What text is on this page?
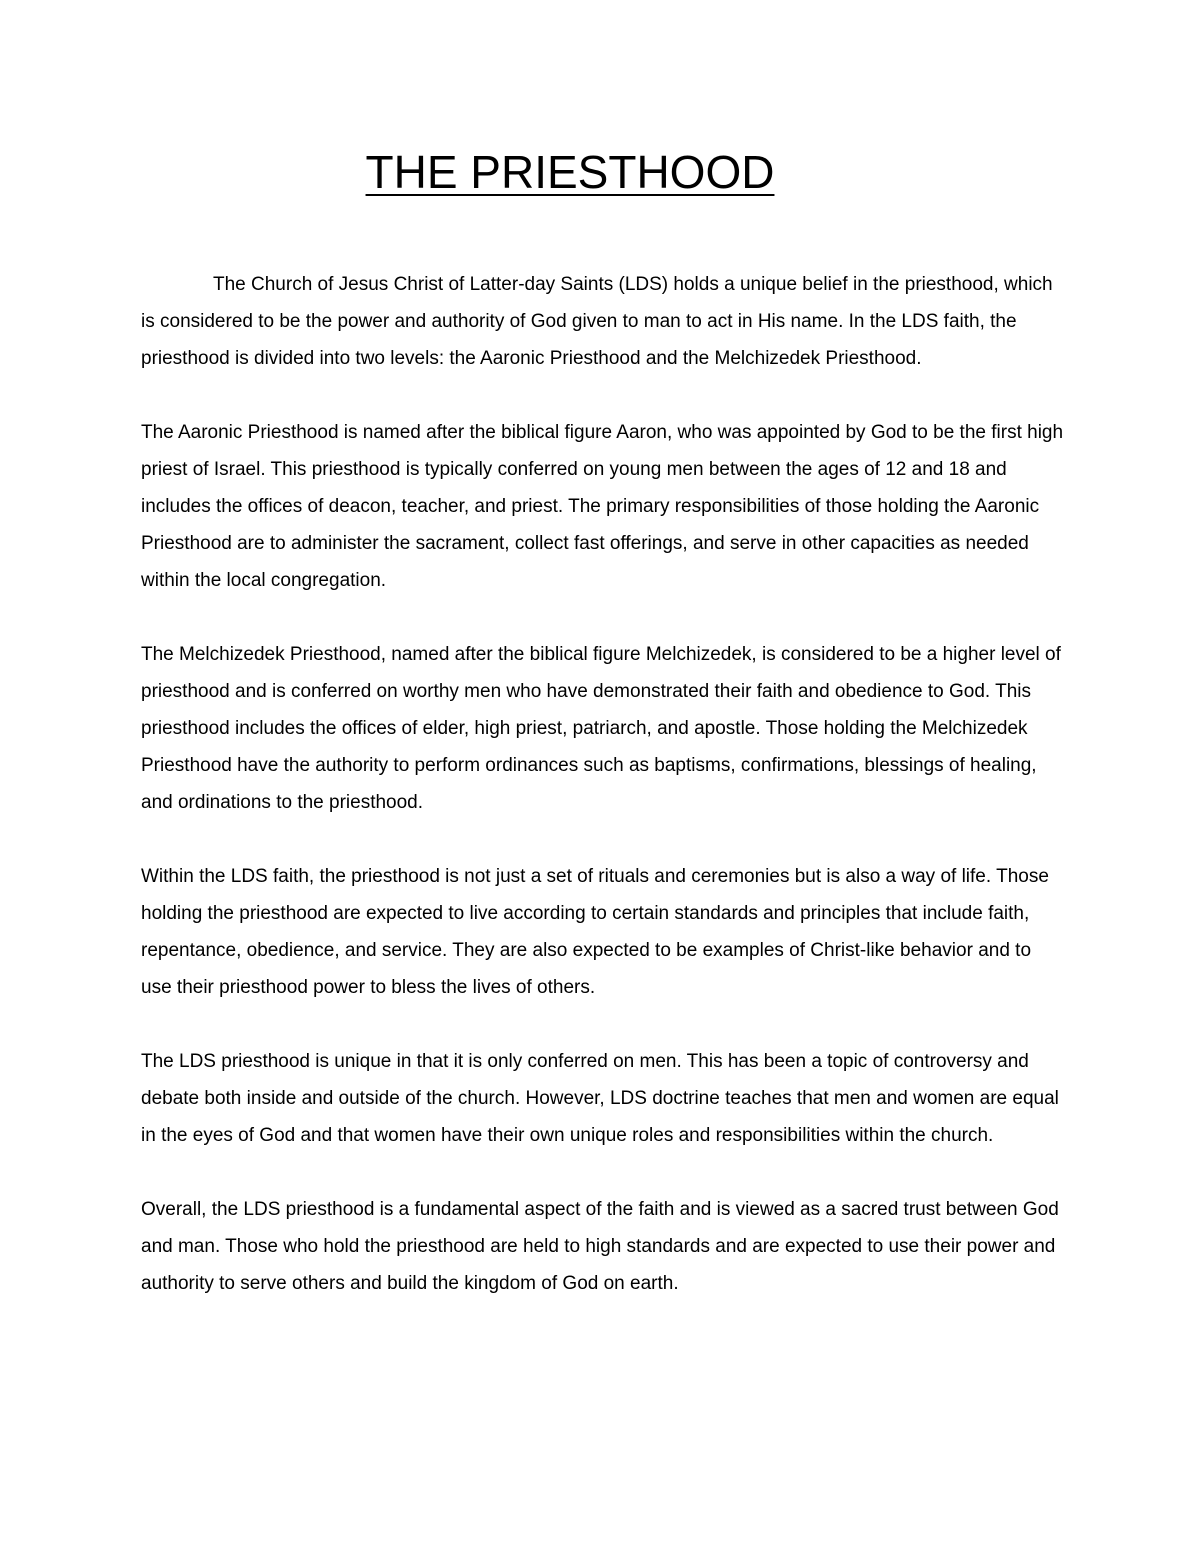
THE PRIESTHOOD

The Church of Jesus Christ of Latter-day Saints (LDS) holds a unique belief in the priesthood, which is considered to be the power and authority of God given to man to act in His name. In the LDS faith, the priesthood is divided into two levels: the Aaronic Priesthood and the Melchizedek Priesthood.

The Aaronic Priesthood is named after the biblical figure Aaron, who was appointed by God to be the first high priest of Israel. This priesthood is typically conferred on young men between the ages of 12 and 18 and includes the offices of deacon, teacher, and priest. The primary responsibilities of those holding the Aaronic Priesthood are to administer the sacrament, collect fast offerings, and serve in other capacities as needed within the local congregation.

The Melchizedek Priesthood, named after the biblical figure Melchizedek, is considered to be a higher level of priesthood and is conferred on worthy men who have demonstrated their faith and obedience to God. This priesthood includes the offices of elder, high priest, patriarch, and apostle. Those holding the Melchizedek Priesthood have the authority to perform ordinances such as baptisms, confirmations, blessings of healing, and ordinations to the priesthood.

Within the LDS faith, the priesthood is not just a set of rituals and ceremonies but is also a way of life. Those holding the priesthood are expected to live according to certain standards and principles that include faith, repentance, obedience, and service. They are also expected to be examples of Christ-like behavior and to use their priesthood power to bless the lives of others.

The LDS priesthood is unique in that it is only conferred on men. This has been a topic of controversy and debate both inside and outside of the church. However, LDS doctrine teaches that men and women are equal in the eyes of God and that women have their own unique roles and responsibilities within the church.

Overall, the LDS priesthood is a fundamental aspect of the faith and is viewed as a sacred trust between God and man. Those who hold the priesthood are held to high standards and are expected to use their power and authority to serve others and build the kingdom of God on earth.
